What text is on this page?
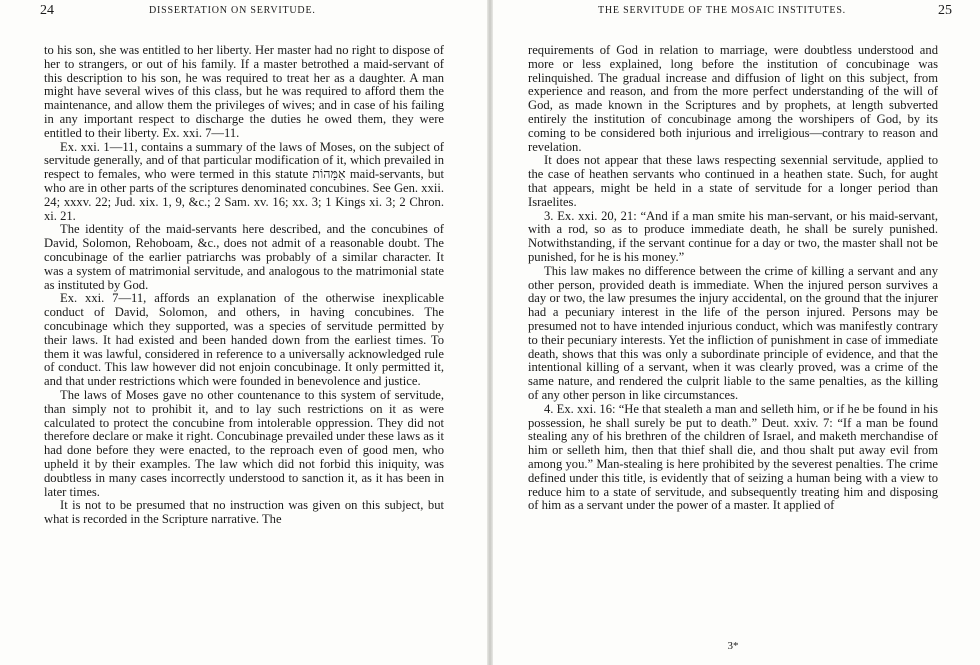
24	DISSERTATION ON SERVITUDE.

to his son, she was entitled to her liberty. Her master had no right to dispose of her to strangers, or out of his family. If a master betrothed a maid-servant of this description to his son, he was required to treat her as a daughter. A man might have several wives of this class, but he was required to afford them the maintenance, and allow them the privileges of wives; and in case of his failing in any important respect to discharge the duties he owed them, they were entitled to their liberty. Ex. xxi. 7—11.

Ex. xxi. 1—11, contains a summary of the laws of Moses, on the subject of servitude generally, and of that particular modification of it, which prevailed in respect to females, who were termed in this statute אַמָּהוֹת maid-servants, but who are in other parts of the scriptures denominated concubines. See Gen. xxii. 24; xxxv. 22; Jud. xix. 1, 9, &c.; 2 Sam. xv. 16; xx. 3; 1 Kings xi. 3; 2 Chron. xi. 21.

The identity of the maid-servants here described, and the concubines of David, Solomon, Rehoboam, &c., does not admit of a reasonable doubt. The concubinage of the earlier patriarchs was probably of a similar character. It was a system of matrimonial servitude, and analogous to the matrimonial state as instituted by God.

Ex. xxi. 7—11, affords an explanation of the otherwise inexplicable conduct of David, Solomon, and others, in having concubines. The concubinage which they supported, was a species of servitude permitted by their laws. It had existed and been handed down from the earliest times. To them it was lawful, considered in reference to a universally acknowledged rule of conduct. This law however did not enjoin concubinage. It only permitted it, and that under restrictions which were founded in benevolence and justice.

The laws of Moses gave no other countenance to this system of servitude, than simply not to prohibit it, and to lay such restrictions on it as were calculated to protect the concubine from intolerable oppression. They did not therefore declare or make it right. Concubinage prevailed under these laws as it had done before they were enacted, to the reproach even of good men, who upheld it by their examples. The law which did not forbid this iniquity, was doubtless in many cases incorrectly understood to sanction it, as it has been in later times.

It is not to be presumed that no instruction was given on this subject, but what is recorded in the Scripture narrative. The

THE SERVITUDE OF THE MOSAIC INSTITUTES.	25

requirements of God in relation to marriage, were doubtless understood and more or less explained, long before the institution of concubinage was relinquished. The gradual increase and diffusion of light on this subject, from experience and reason, and from the more perfect understanding of the will of God, as made known in the Scriptures and by prophets, at length subverted entirely the institution of concubinage among the worshipers of God, by its coming to be considered both injurious and irreligious—contrary to reason and revelation.

It does not appear that these laws respecting sexennial servitude, applied to the case of heathen servants who continued in a heathen state. Such, for aught that appears, might be held in a state of servitude for a longer period than Israelites.

3. Ex. xxi. 20, 21: “And if a man smite his man-servant, or his maid-servant, with a rod, so as to produce immediate death, he shall be surely punished. Notwithstanding, if the servant continue for a day or two, the master shall not be punished, for he is his money.”

This law makes no difference between the crime of killing a servant and any other person, provided death is immediate. When the injured person survives a day or two, the law presumes the injury accidental, on the ground that the injurer had a pecuniary interest in the life of the person injured. Persons may be presumed not to have intended injurious conduct, which was manifestly contrary to their pecuniary interests. Yet the infliction of punishment in case of immediate death, shows that this was only a subordinate principle of evidence, and that the intentional killing of a servant, when it was clearly proved, was a crime of the same nature, and rendered the culprit liable to the same penalties, as the killing of any other person in like circumstances.

4. Ex. xxi. 16: “He that stealeth a man and selleth him, or if he be found in his possession, he shall surely be put to death.” Deut. xxiv. 7: “If a man be found stealing any of his brethren of the children of Israel, and maketh merchandise of him or selleth him, then that thief shall die, and thou shalt put away evil from among you.” Man-stealing is here prohibited by the severest penalties. The crime defined under this title, is evidently that of seizing a human being with a view to reduce him to a state of servitude, and subsequently treating him and disposing of him as a servant under the power of a master. It applied of

3*
